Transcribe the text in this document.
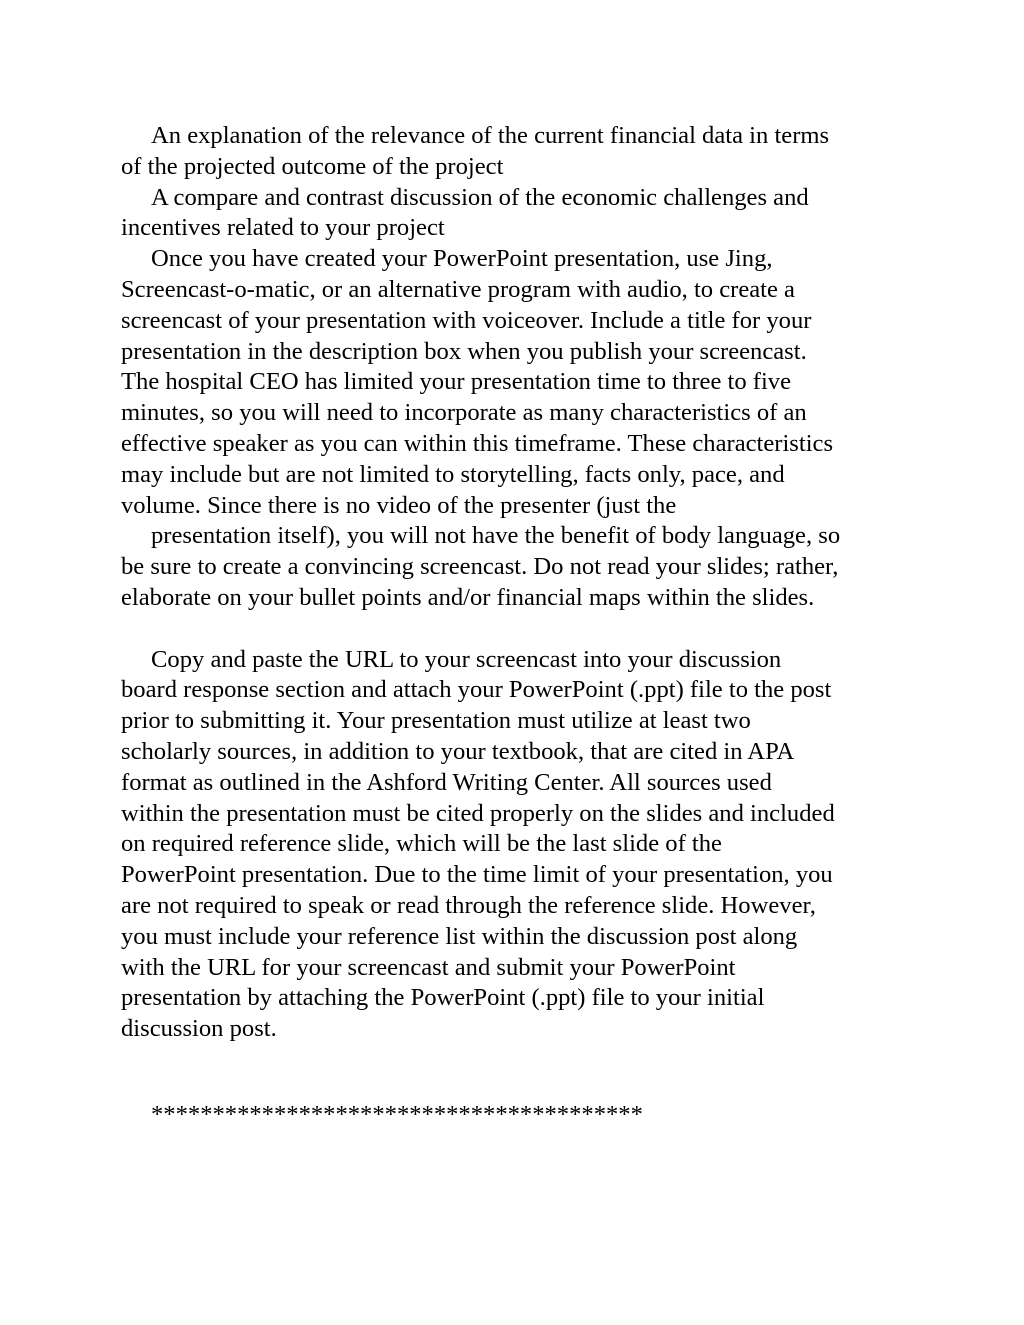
An explanation of the relevance of the current financial data in terms
of the projected outcome of the project
A compare and contrast discussion of the economic challenges and
incentives related to your project
Once you have created your PowerPoint presentation, use Jing,
Screencast-o-matic, or an alternative program with audio, to create a
screencast of your presentation with voiceover. Include a title for your
presentation in the description box when you publish your screencast.
The hospital CEO has limited your presentation time to three to five
minutes, so you will need to incorporate as many characteristics of an
effective speaker as you can within this timeframe. These characteristics
may include but are not limited to storytelling, facts only, pace, and
volume. Since there is no video of the presenter (just the
presentation itself), you will not have the benefit of body language, so
be sure to create a convincing screencast. Do not read your slides; rather,
elaborate on your bullet points and/or financial maps within the slides.
Copy and paste the URL to your screencast into your discussion
board response section and attach your PowerPoint (.ppt) file to the post
prior to submitting it. Your presentation must utilize at least two
scholarly sources, in addition to your textbook, that are cited in APA
format as outlined in the Ashford Writing Center. All sources used
within the presentation must be cited properly on the slides and included
on required reference slide, which will be the last slide of the
PowerPoint presentation. Due to the time limit of your presentation, you
are not required to speak or read through the reference slide. However,
you must include your reference list within the discussion post along
with the URL for your screencast and submit your PowerPoint
presentation by attaching the PowerPoint (.ppt) file to your initial
discussion post.
****************************************
